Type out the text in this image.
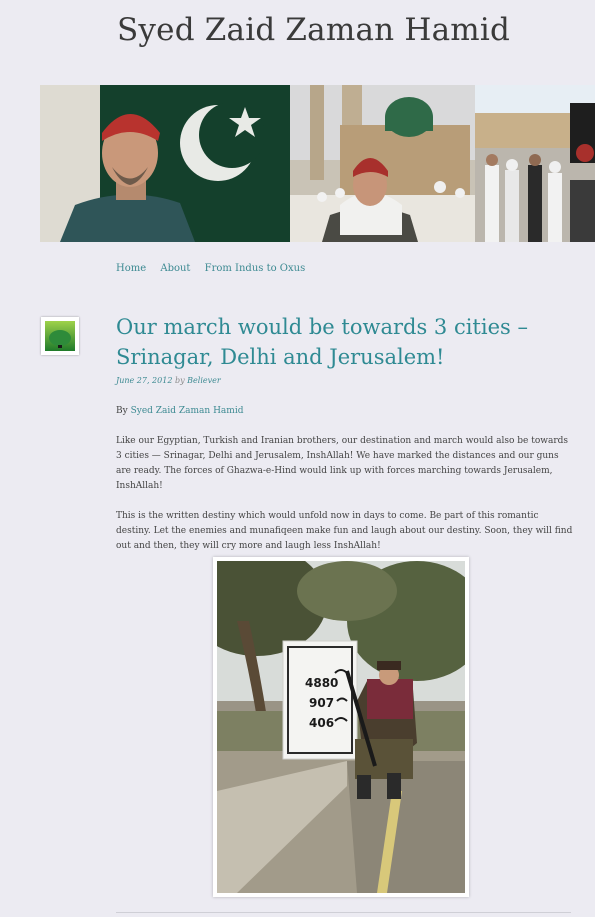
Syed Zaid Zaman Hamid
Home About From Indus to Oxus
Our march would be towards 3 cities – Srinagar, Delhi and Jerusalem!
June 27, 2012 by Believer

By Syed Zaid Zaman Hamid

Like our Egyptian, Turkish and Iranian brothers, our destination and march would also be towards 3 cities — Srinagar, Delhi and Jerusalem, InshAllah! We have marked the distances and our guns are ready. The forces of Ghazwa-e-Hind would link up with forces marching towards Jerusalem, InshAllah!

This is the written destiny which would unfold now in days to come. Be part of this romantic destiny. Let the enemies and munafiqeen make fun and laugh about our destiny. Soon, they will find out and then, they will cry more and laugh less InshAllah!

4880
907
406
